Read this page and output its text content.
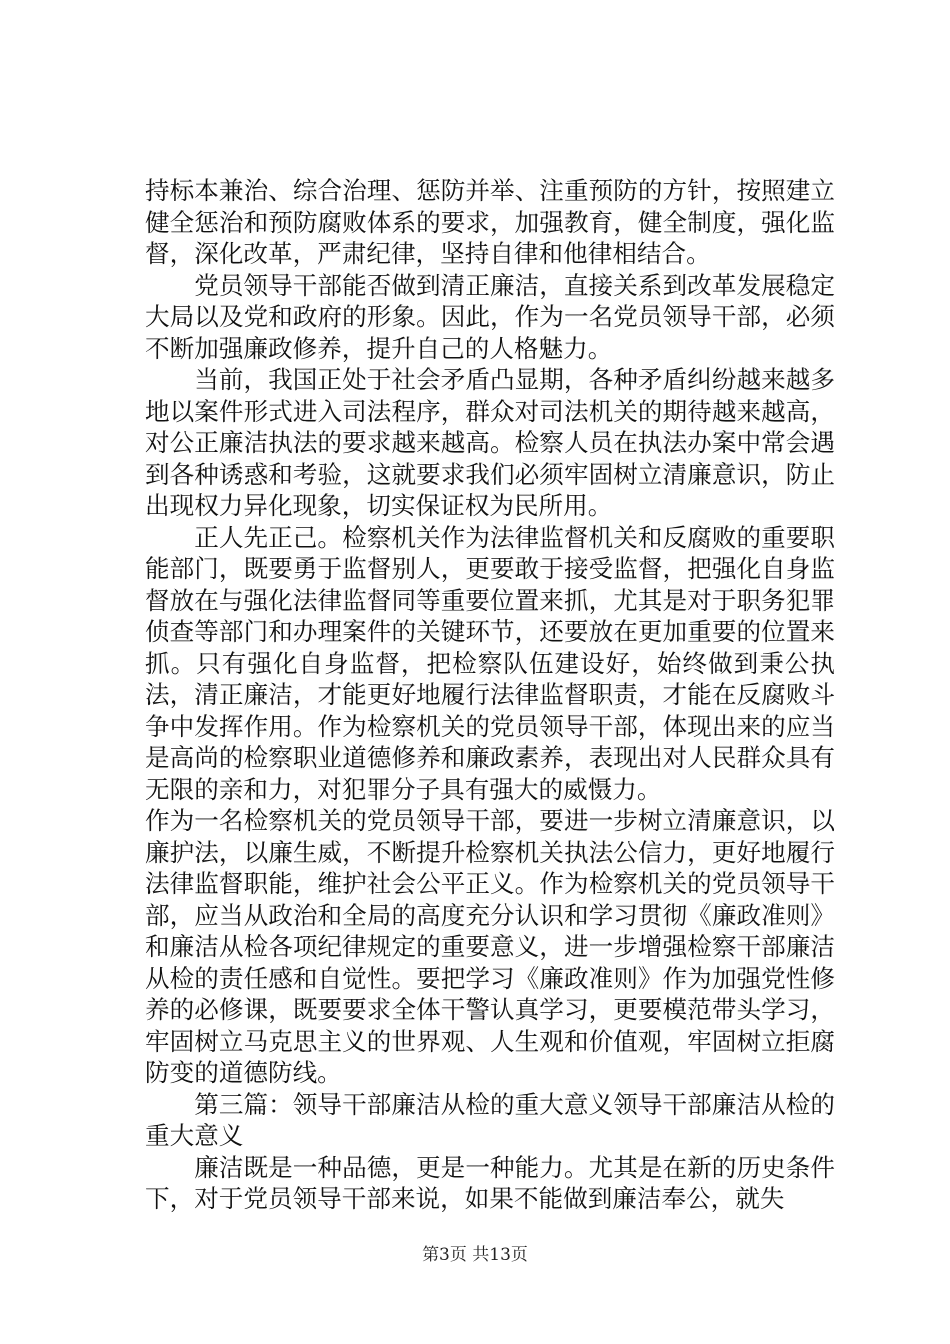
持标本兼治、综合治理、惩防并举、注重预防的方针，按照建立健全惩治和预防腐败体系的要求，加强教育，健全制度，强化监督，深化改革，严肃纪律，坚持自律和他律相结合。

党员领导干部能否做到清正廉洁，直接关系到改革发展稳定大局以及党和政府的形象。因此，作为一名党员领导干部，必须不断加强廉政修养，提升自己的人格魅力。

当前，我国正处于社会矛盾凸显期，各种矛盾纠纷越来越多地以案件形式进入司法程序，群众对司法机关的期待越来越高，对公正廉洁执法的要求越来越高。检察人员在执法办案中常会遇到各种诱惑和考验，这就要求我们必须牢固树立清廉意识，防止出现权力异化现象，切实保证权为民所用。

正人先正己。检察机关作为法律监督机关和反腐败的重要职能部门，既要勇于监督别人，更要敢于接受监督，把强化自身监督放在与强化法律监督同等重要位置来抓，尤其是对于职务犯罪侦查等部门和办理案件的关键环节，还要放在更加重要的位置来抓。只有强化自身监督，把检察队伍建设好，始终做到秉公执法，清正廉洁，才能更好地履行法律监督职责，才能在反腐败斗争中发挥作用。作为检察机关的党员领导干部，体现出来的应当是高尚的检察职业道德修养和廉政素养，表现出对人民群众具有无限的亲和力，对犯罪分子具有强大的威慑力。

作为一名检察机关的党员领导干部，要进一步树立清廉意识，以廉护法，以廉生威，不断提升检察机关执法公信力，更好地履行法律监督职能，维护社会公平正义。作为检察机关的党员领导干部，应当从政治和全局的高度充分认识和学习贯彻《廉政准则》和廉洁从检各项纪律规定的重要意义，进一步增强检察干部廉洁从检的责任感和自觉性。要把学习《廉政准则》作为加强党性修养的必修课，既要要求全体干警认真学习，更要模范带头学习，牢固树立马克思主义的世界观、人生观和价值观，牢固树立拒腐防变的道德防线。

第三篇：领导干部廉洁从检的重大意义领导干部廉洁从检的重大意义

廉洁既是一种品德，更是一种能力。尤其是在新的历史条件下，对于党员领导干部来说，如果不能做到廉洁奉公，就失

第3页 共13页
